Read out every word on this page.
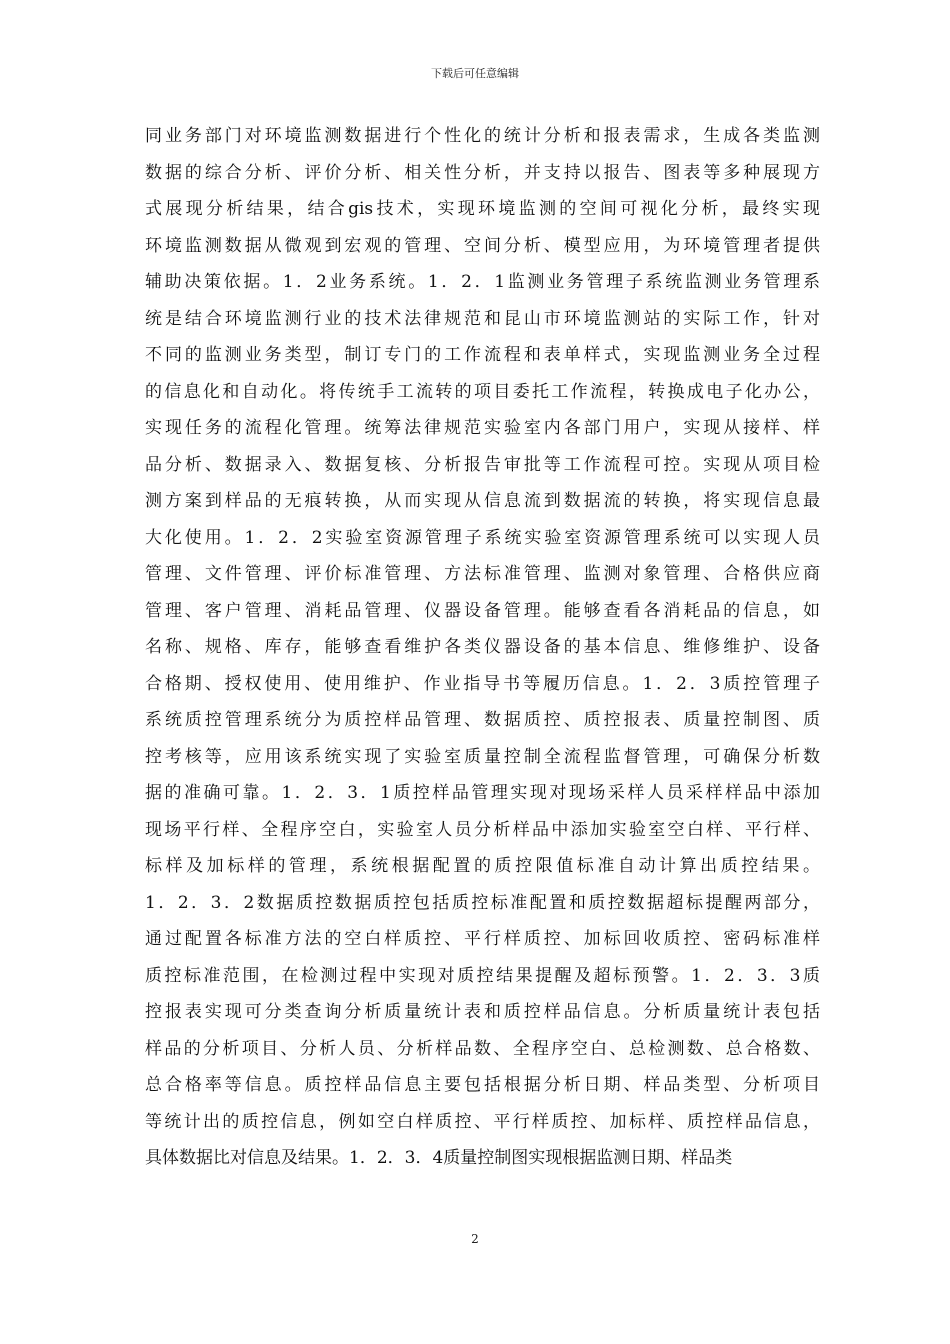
下载后可任意编辑
同业务部门对环境监测数据进行个性化的统计分析和报表需求，生成各类监测
数据的综合分析、评价分析、相关性分析，并支持以报告、图表等多种展现方
式展现分析结果，结合gis技术，实现环境监测的空间可视化分析，最终实现
环境监测数据从微观到宏观的管理、空间分析、模型应用，为环境管理者提供
辅助决策依据。1．2业务系统。1．2．1监测业务管理子系统监测业务管理系
统是结合环境监测行业的技术法律规范和昆山市环境监测站的实际工作，针对
不同的监测业务类型，制订专门的工作流程和表单样式，实现监测业务全过程
的信息化和自动化。将传统手工流转的项目委托工作流程，转换成电子化办公，
实现任务的流程化管理。统筹法律规范实验室内各部门用户，实现从接样、样
品分析、数据录入、数据复核、分析报告审批等工作流程可控。实现从项目检
测方案到样品的无痕转换，从而实现从信息流到数据流的转换，将实现信息最
大化使用。1．2．2实验室资源管理子系统实验室资源管理系统可以实现人员
管理、文件管理、评价标准管理、方法标准管理、监测对象管理、合格供应商
管理、客户管理、消耗品管理、仪器设备管理。能够查看各消耗品的信息，如
名称、规格、库存，能够查看维护各类仪器设备的基本信息、维修维护、设备
合格期、授权使用、使用维护、作业指导书等履历信息。1．2．3质控管理子
系统质控管理系统分为质控样品管理、数据质控、质控报表、质量控制图、质
控考核等，应用该系统实现了实验室质量控制全流程监督管理，可确保分析数
据的准确可靠。1．2．3．1质控样品管理实现对现场采样人员采样样品中添加
现场平行样、全程序空白，实验室人员分析样品中添加实验室空白样、平行样、
标样及加标样的管理，系统根据配置的质控限值标准自动计算出质控结果。
1．2．3．2数据质控数据质控包括质控标准配置和质控数据超标提醒两部分，
通过配置各标准方法的空白样质控、平行样质控、加标回收质控、密码标准样
质控标准范围，在检测过程中实现对质控结果提醒及超标预警。1．2．3．3质
控报表实现可分类查询分析质量统计表和质控样品信息。分析质量统计表包括
样品的分析项目、分析人员、分析样品数、全程序空白、总检测数、总合格数、
总合格率等信息。质控样品信息主要包括根据分析日期、样品类型、分析项目
等统计出的质控信息，例如空白样质控、平行样质控、加标样、质控样品信息，
具体数据比对信息及结果。1．2．3．4质量控制图实现根据监测日期、样品类
2
